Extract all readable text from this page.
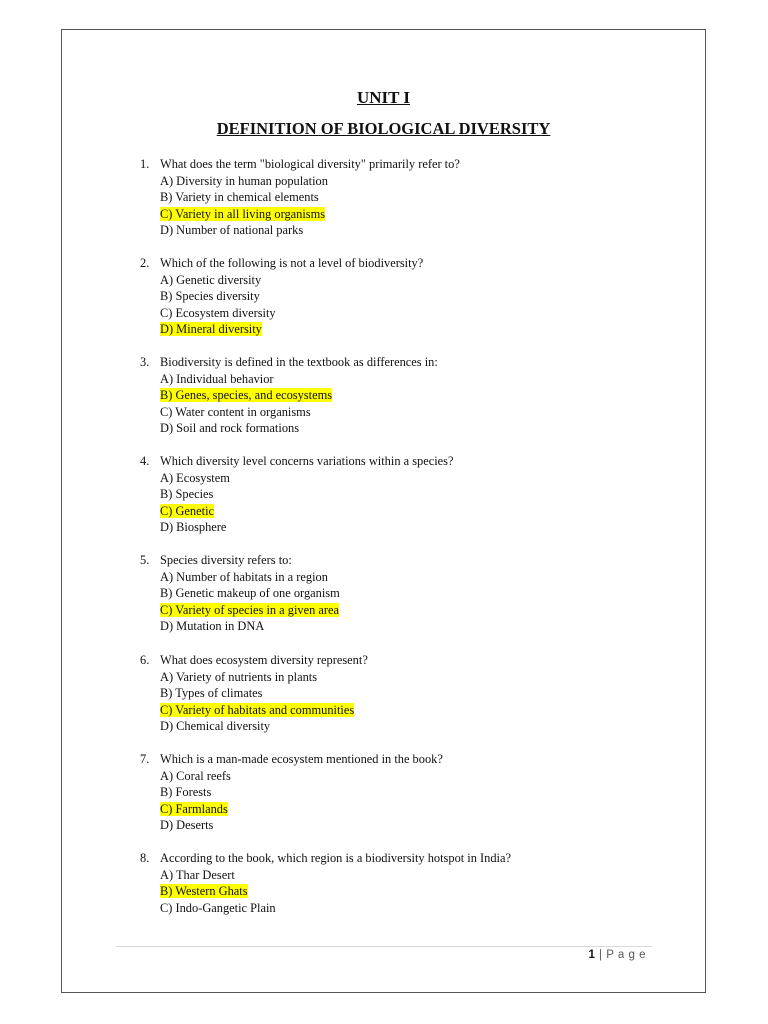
UNIT I
DEFINITION OF BIOLOGICAL DIVERSITY
1. What does the term "biological diversity" primarily refer to?
A) Diversity in human population
B) Variety in chemical elements
C) Variety in all living organisms
D) Number of national parks
2. Which of the following is not a level of biodiversity?
A) Genetic diversity
B) Species diversity
C) Ecosystem diversity
D) Mineral diversity
3. Biodiversity is defined in the textbook as differences in:
A) Individual behavior
B) Genes, species, and ecosystems
C) Water content in organisms
D) Soil and rock formations
4. Which diversity level concerns variations within a species?
A) Ecosystem
B) Species
C) Genetic
D) Biosphere
5. Species diversity refers to:
A) Number of habitats in a region
B) Genetic makeup of one organism
C) Variety of species in a given area
D) Mutation in DNA
6. What does ecosystem diversity represent?
A) Variety of nutrients in plants
B) Types of climates
C) Variety of habitats and communities
D) Chemical diversity
7. Which is a man-made ecosystem mentioned in the book?
A) Coral reefs
B) Forests
C) Farmlands
D) Deserts
8. According to the book, which region is a biodiversity hotspot in India?
A) Thar Desert
B) Western Ghats
C) Indo-Gangetic Plain
1 | P a g e
